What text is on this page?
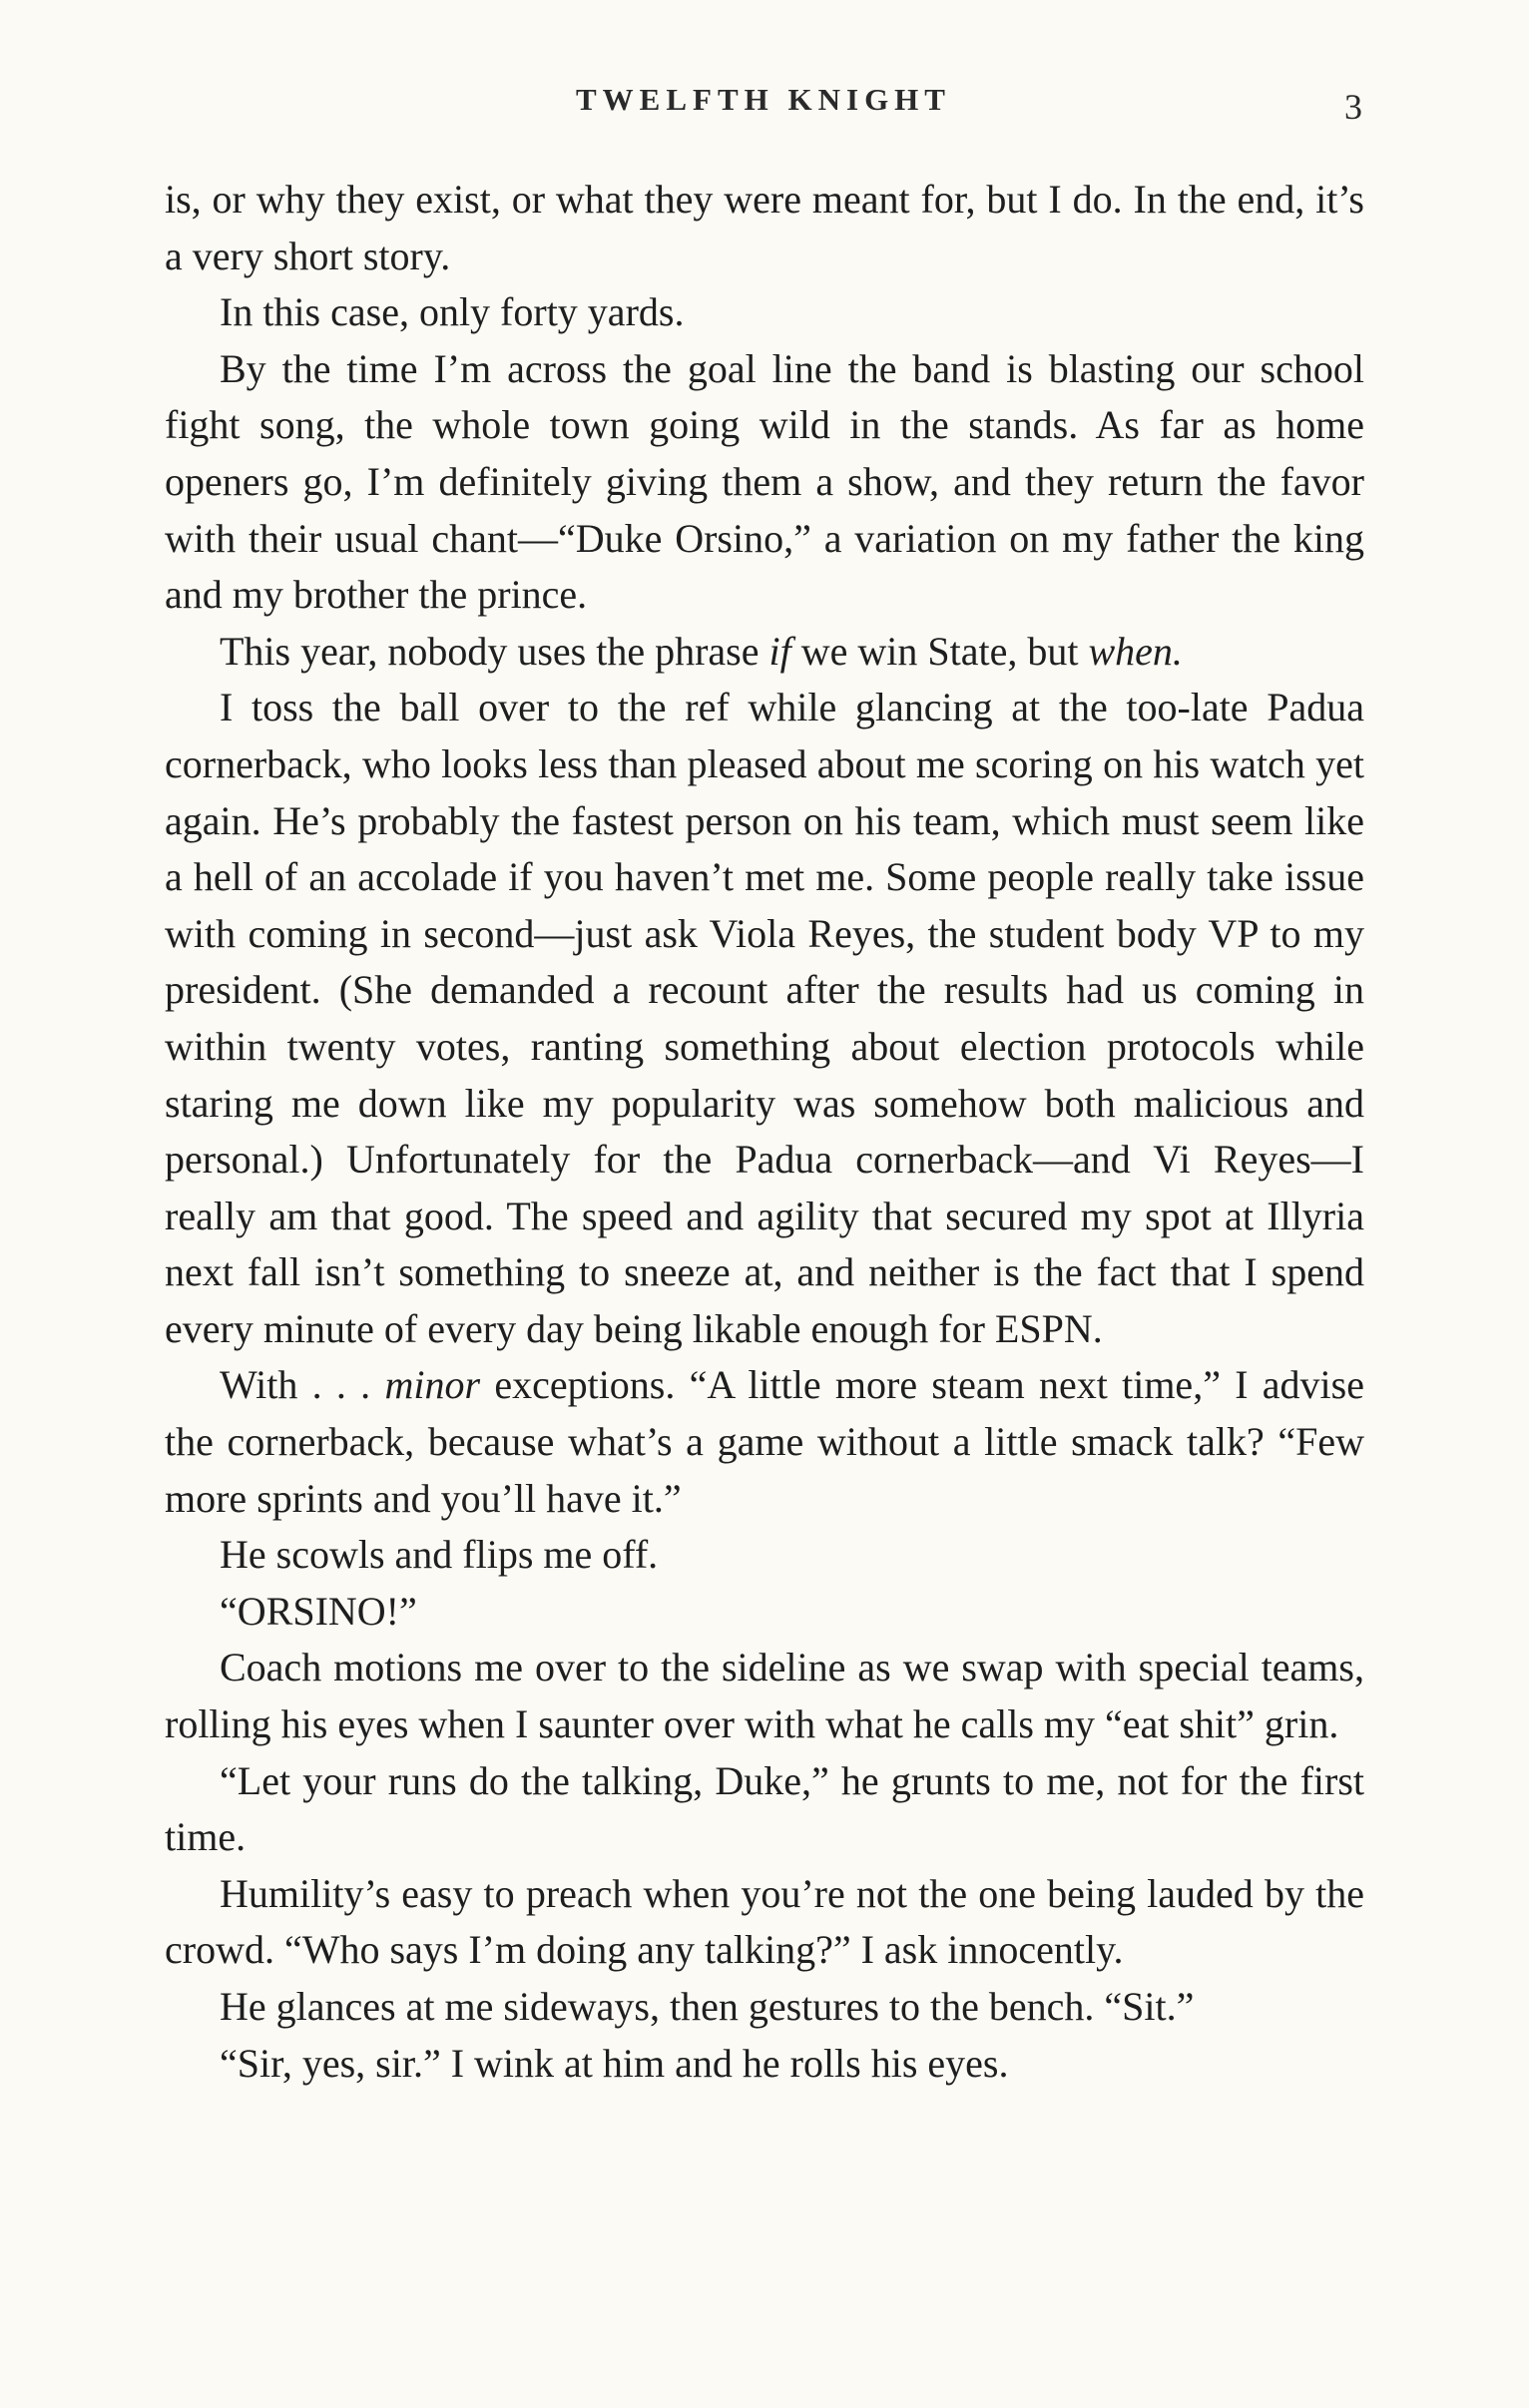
TWELFTH KNIGHT	3

is, or why they exist, or what they were meant for, but I do. In the end, it’s a very short story.

In this case, only forty yards.

By the time I’m across the goal line the band is blasting our school fight song, the whole town going wild in the stands. As far as home openers go, I’m definitely giving them a show, and they return the favor with their usual chant—“Duke Orsino,” a variation on my father the king and my brother the prince.

This year, nobody uses the phrase if we win State, but when.

I toss the ball over to the ref while glancing at the too-late Padua cornerback, who looks less than pleased about me scoring on his watch yet again. He’s probably the fastest person on his team, which must seem like a hell of an accolade if you haven’t met me. Some people really take issue with coming in second—just ask Viola Reyes, the student body VP to my president. (She demanded a recount after the results had us coming in within twenty votes, ranting something about election protocols while staring me down like my popularity was somehow both malicious and personal.) Unfortunately for the Padua cornerback—and Vi Reyes—I really am that good. The speed and agility that secured my spot at Illyria next fall isn’t something to sneeze at, and neither is the fact that I spend every minute of every day being likable enough for ESPN.

With . . . minor exceptions. “A little more steam next time,” I advise the cornerback, because what’s a game without a little smack talk? “Few more sprints and you’ll have it.”

He scowls and flips me off.

“ORSINO!”

Coach motions me over to the sideline as we swap with special teams, rolling his eyes when I saunter over with what he calls my “eat shit” grin.

“Let your runs do the talking, Duke,” he grunts to me, not for the first time.

Humility’s easy to preach when you’re not the one being lauded by the crowd. “Who says I’m doing any talking?” I ask innocently.

He glances at me sideways, then gestures to the bench. “Sit.”

“Sir, yes, sir.” I wink at him and he rolls his eyes.
